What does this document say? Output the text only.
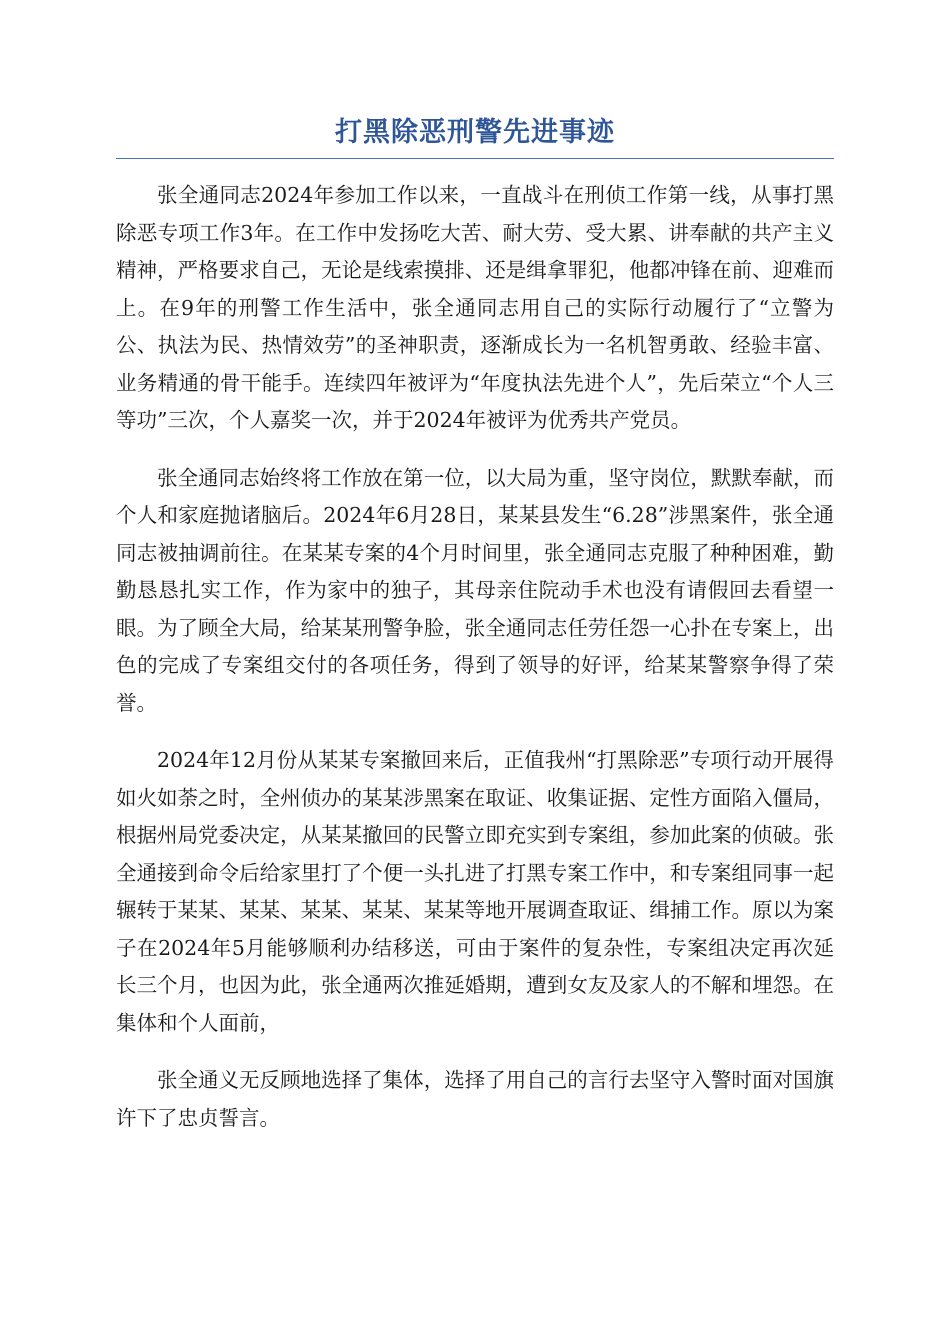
打黑除恶刑警先进事迹

张全通同志2024年参加工作以来，一直战斗在刑侦工作第一线，从事打黑除恶专项工作3年。在工作中发扬吃大苦、耐大劳、受大累、讲奉献的共产主义精神，严格要求自己，无论是线索摸排、还是缉拿罪犯，他都冲锋在前、迎难而上。在9年的刑警工作生活中，张全通同志用自己的实际行动履行了“立警为公、执法为民、热情效劳”的圣神职责，逐渐成长为一名机智勇敢、经验丰富、业务精通的骨干能手。连续四年被评为“年度执法先进个人”，先后荣立“个人三等功”三次，个人嘉奖一次，并于2024年被评为优秀共产党员。

张全通同志始终将工作放在第一位，以大局为重，坚守岗位，默默奉献，而个人和家庭抛诸脑后。2024年6月28日，某某县发生“6.28”涉黑案件，张全通同志被抽调前往。在某某专案的4个月时间里，张全通同志克服了种种困难，勤勤恳恳扎实工作，作为家中的独子，其母亲住院动手术也没有请假回去看望一眼。为了顾全大局，给某某刑警争脸，张全通同志任劳任怨一心扑在专案上，出色的完成了专案组交付的各项任务，得到了领导的好评，给某某警察争得了荣誉。

2024年12月份从某某专案撤回来后，正值我州“打黑除恶”专项行动开展得如火如荼之时，全州侦办的某某涉黑案在取证、收集证据、定性方面陷入僵局，根据州局党委决定，从某某撤回的民警立即充实到专案组，参加此案的侦破。张全通接到命令后给家里打了个便一头扎进了打黑专案工作中，和专案组同事一起辗转于某某、某某、某某、某某、某某等地开展调查取证、缉捕工作。原以为案子在2024年5月能够顺利办结移送，可由于案件的复杂性，专案组决定再次延长三个月，也因为此，张全通两次推延婚期，遭到女友及家人的不解和埋怨。在集体和个人面前，

张全通义无反顾地选择了集体，选择了用自己的言行去坚守入警时面对国旗许下了忠贞誓言。
